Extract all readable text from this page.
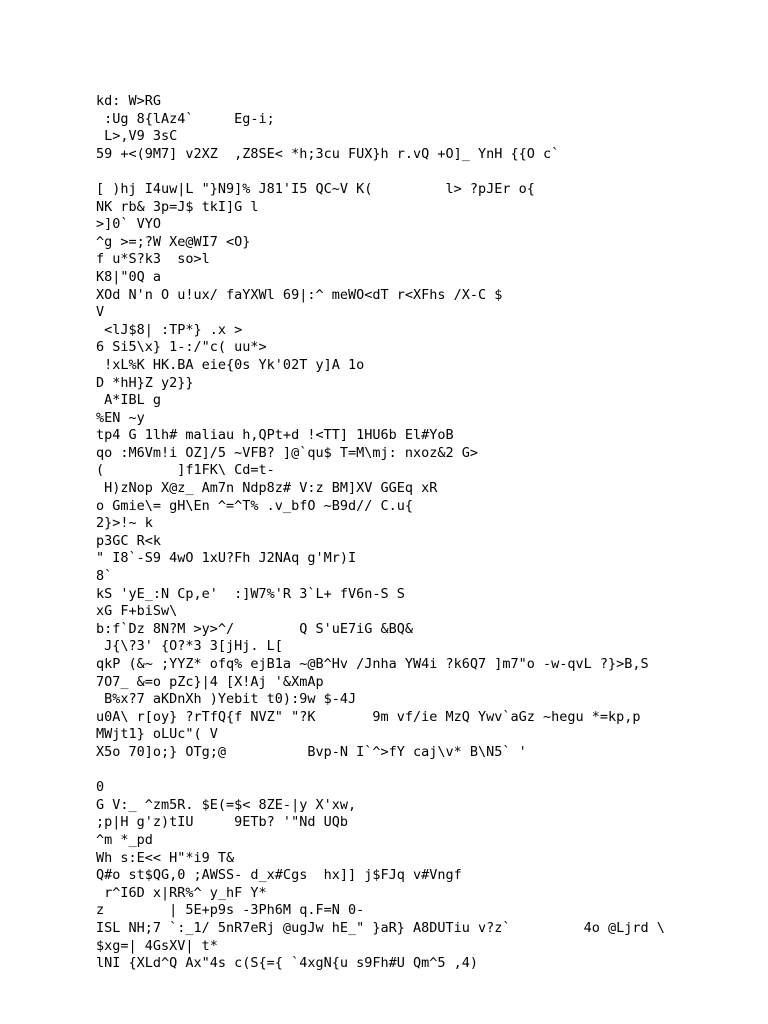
kd: W>RG
:Ug 8{lAz4`     Eg-i;
L>,V9 3sC
59 +<(9M7] v2XZ  ,Z8SE< *h;3cu FUX}h r.vQ +O]_ YnH {{O c`
[ )hj I4uw|L "}N9]% J81'I5 QC~V K(         l> ?pJEr o{
NK rb& 3p=J$ tkI]G l
>]0` VYO
^g >=;?W Xe@WI7 <O}
f u*S?k3  so>l
K8|"0Q a
XOd N'n O u!ux/ faYXWl 69|:^ meWO<dT r<XFhs /X-C $
V
<lJ$8| :TP*} .x >
6 Si5\x} 1-:/"c( uu*>
!xL%K HK.BA eie{0s Yk'02T y]A 1o
D *hH}Z y2}}
A*IBL g
%EN ~y
tp4 G 1lh# maliau h,QPt+d !<TT] 1HU6b El#YoB
qo :M6Vm!i OZ]/5 ~VFB? ]@`qu$ T=M\mj: nxoz&2 G>
(         ]f1FK\ Cd=t-
H)zNop X@z_ Am7n Ndp8z# V:z BM]XV GGEq xR
o Gmie\= gH\En ^=^T% .v_bfO ~B9d// C.u{
2}>!~ k
p3GC R<k
" I8`-S9 4wO 1xU?Fh J2NAq g'Mr)I
8`
kS 'yE_:N Cp,e'  :]W7%'R 3`L+ fV6n-S S
xG F+biSw\
b:f`Dz 8N?M >y>^/        Q S'uE7iG &BQ&
J{\?3' {O?*3 3[jHj. L[
qkP (&~ ;YYZ* ofq% ejB1a ~@B^Hv /Jnha YW4i ?k6Q7 ]m7"o -w-qvL ?}>B,S
7O7_ &=o pZc}|4 [X!Aj '&XmAp
B%x?7 aKDnXh )Yebit t0):9w $-4J
u0A\ r[oy} ?rTfQ{f NVZ" "?K       9m vf/ie MzQ Ywv`aGz ~hegu *=kp,p
MWjt1} oLUc"( V
X5o 70]o;} OTg;@          Bvp-N I`^>fY caj\v* B\N5` '
0
G V:_ ^zm5R. $E(=$< 8ZE-|y X'xw,
;p|H g'z)tIU     9ETb? '"Nd UQb
^m *_pd
Wh s:E<< H"*i9 T&
Q#o st$QG,0 ;AWSS- d_x#Cgs  hx]] j$FJq v#Vngf
r^I6D x|RR%^ y_hF Y*
z        | 5E+p9s -3Ph6M q.F=N 0-
ISL NH;7 `:_1/ 5nR7eRj @ugJw hE_" }aR} A8DUTiu v?z`         4o @Ljrd \
$xg=| 4GsXV| t*
lNI {XLd^Q Ax"4s c(S{={ `4xgN{u s9Fh#U Qm^5 ,4)
